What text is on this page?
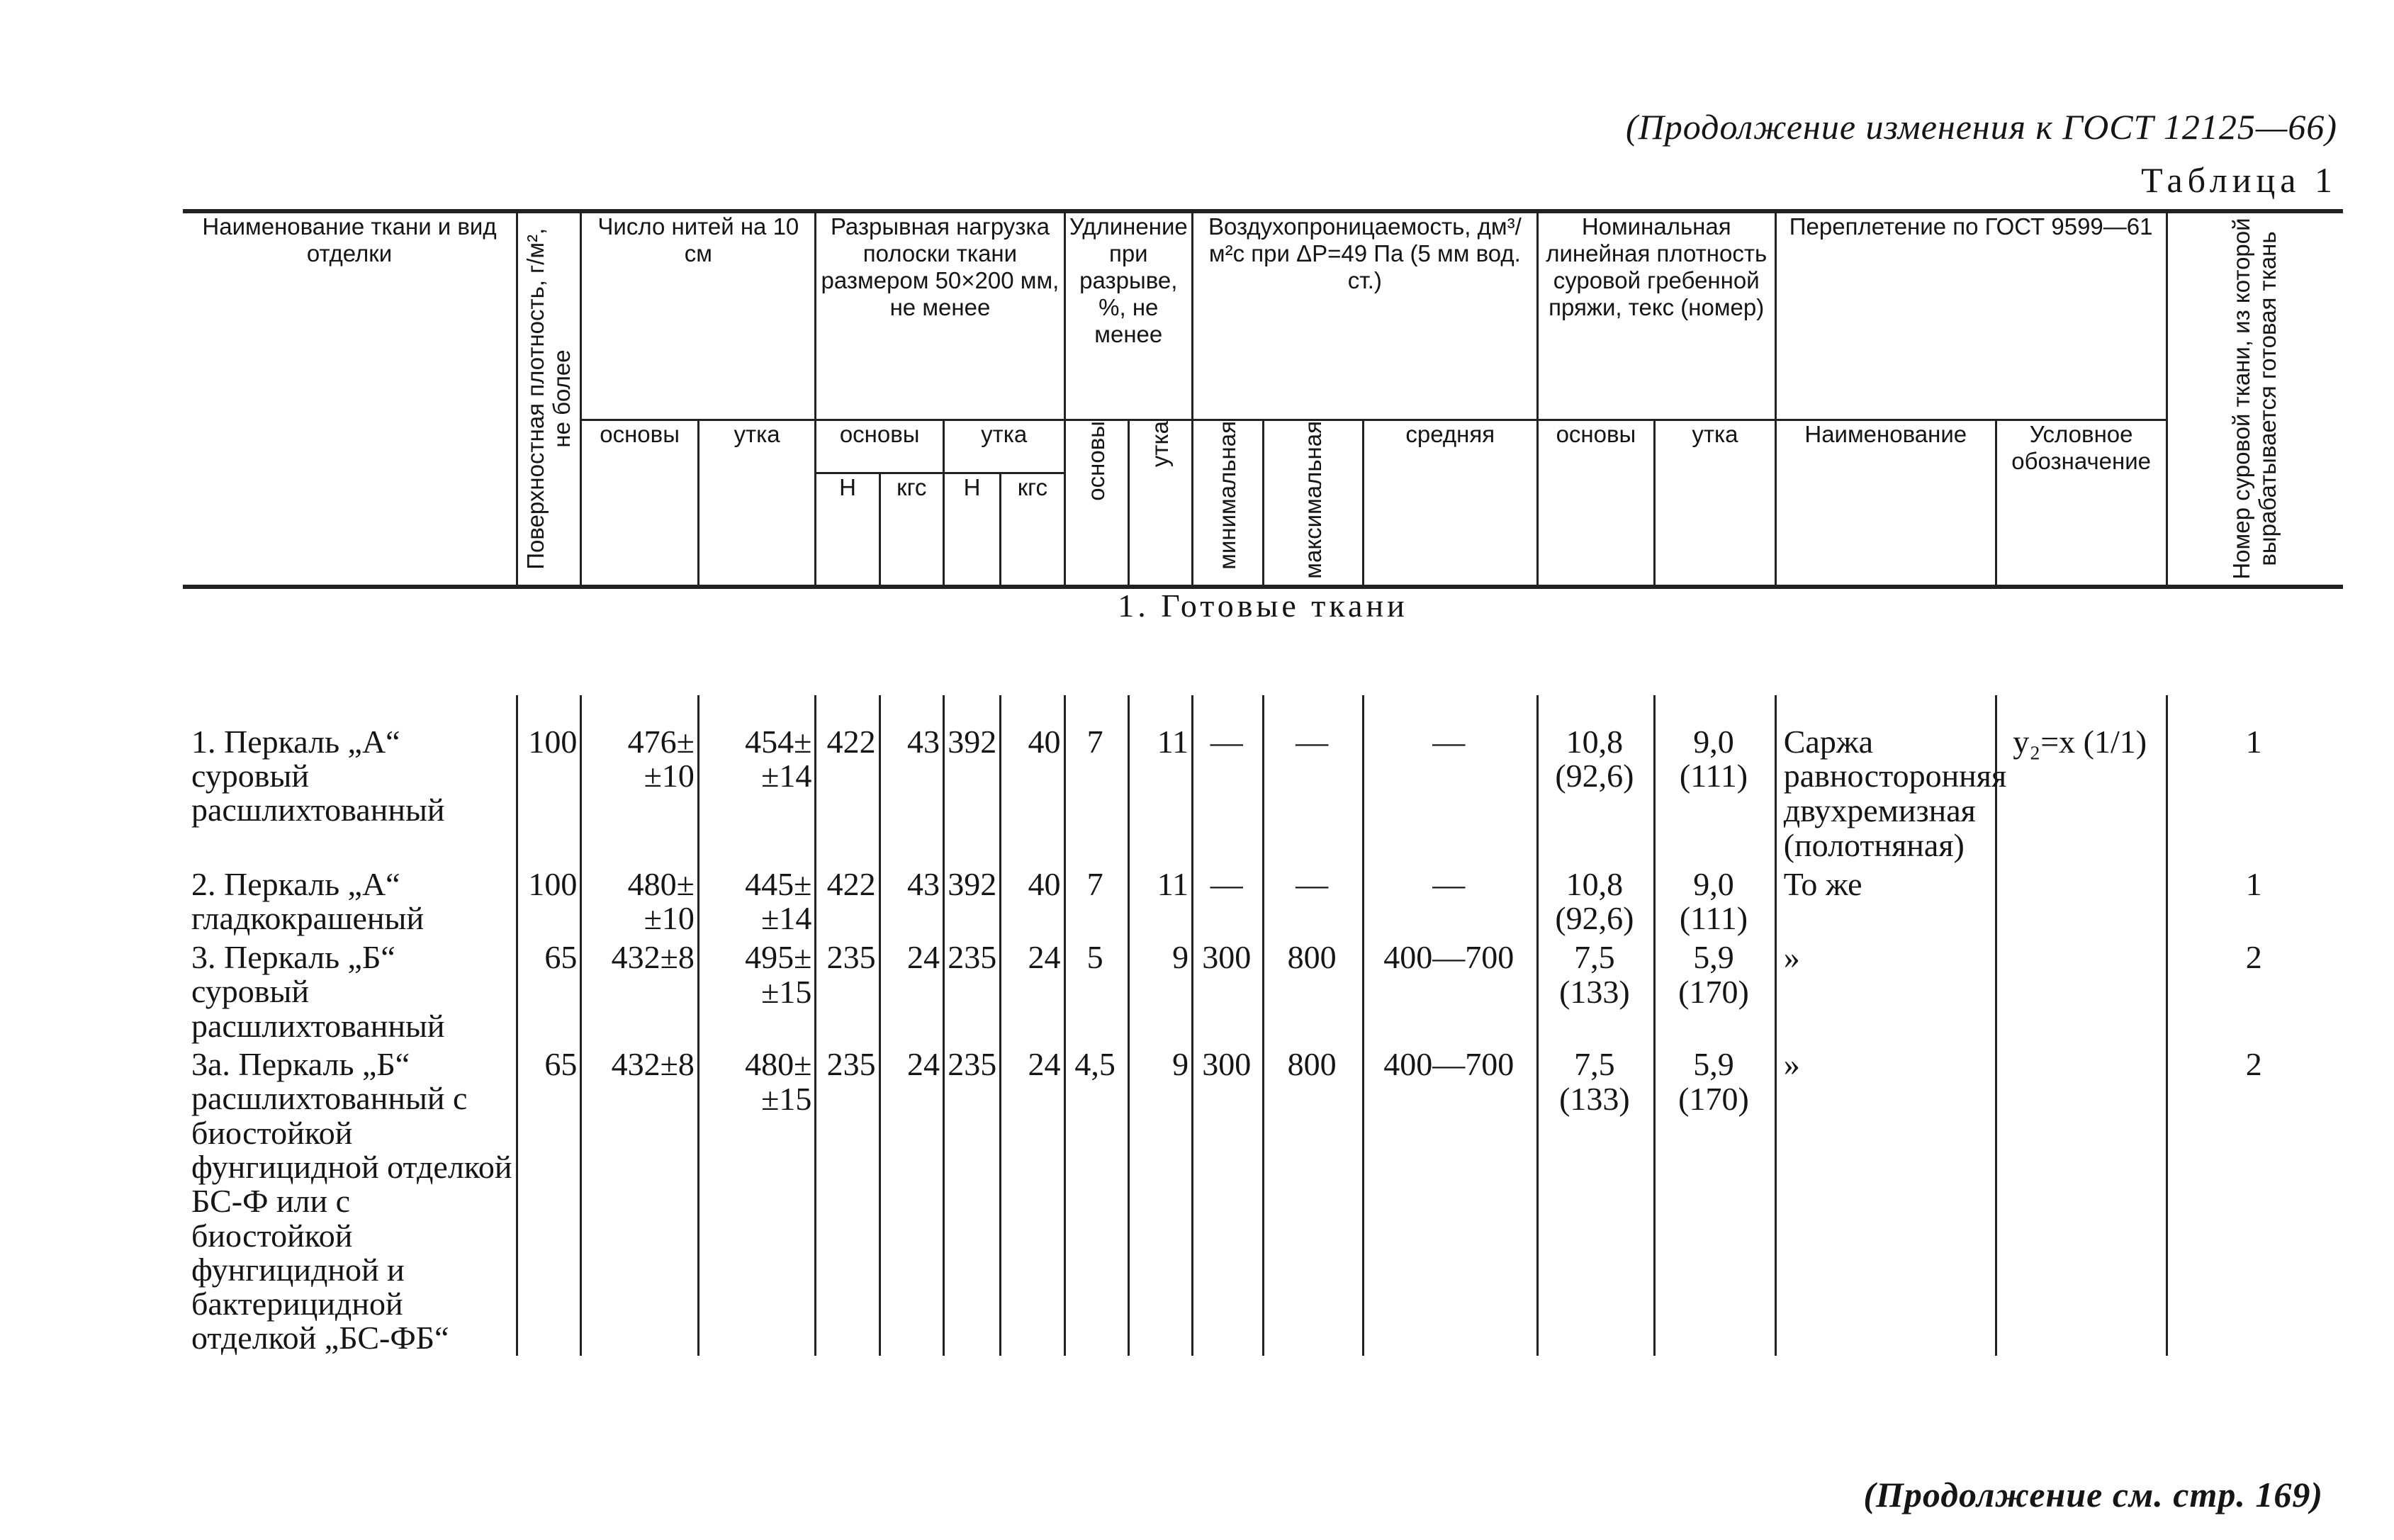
(Продолжение изменения к ГОСТ 12125—66)
Таблица 1
Наименование ткани и вид отделки	Поверхностная плотность, г/м², не более	Число нитей на 10 см		Разрывная нагрузка полоски ткани размером 50×200 мм, не менее				Удлинение при разрыве, %, не менее		Воздухопроницаемость, дм³/м²с при ΔP=49 Па (5 мм вод. ст.)			Номинальная линейная плотность суровой гребенной пряжи, текс (номер)		Переплетение по ГОСТ 9599—61		Номер суровой ткани, из которой вырабатывается готовая ткань
		основы	утка	основы		утка		основы	утка	минимальная	максимальная	средняя	основы	утка	Наименование	Условное обозначение	
				Н	кгс	Н	кгс										
1. Готовые ткани																	

1. Перкаль „А“ суровый расшлихтованный	100	476± ±10	454± ±14	422	43	392	40	7	11	—	—	—	10,8 (92,6)	9,0 (111)	Саржа равносторонняя двухремизная (полотняная)	у₂=х (1/1)	1
2. Перкаль „А“ гладкокрашеный	100	480± ±10	445± ±14	422	43	392	40	7	11	—	—	—	10,8 (92,6)	9,0 (111)	То же		1
3. Перкаль „Б“ суровый расшлихтованный	65	432±8	495± ±15	235	24	235	24	5	9	300	800	400—700	7,5 (133)	5,9 (170)	»		2
3а. Перкаль „Б“ расшлихтованный с биостойкой фунгицидной отделкой БС-Ф или с биостойкой фунгицидной и бактерицидной отделкой „БС-ФБ“	65	432±8	480± ±15	235	24	235	24	4,5	9	300	800	400—700	7,5 (133)	5,9 (170)	»		2
(Продолжение см. стр. 169)
